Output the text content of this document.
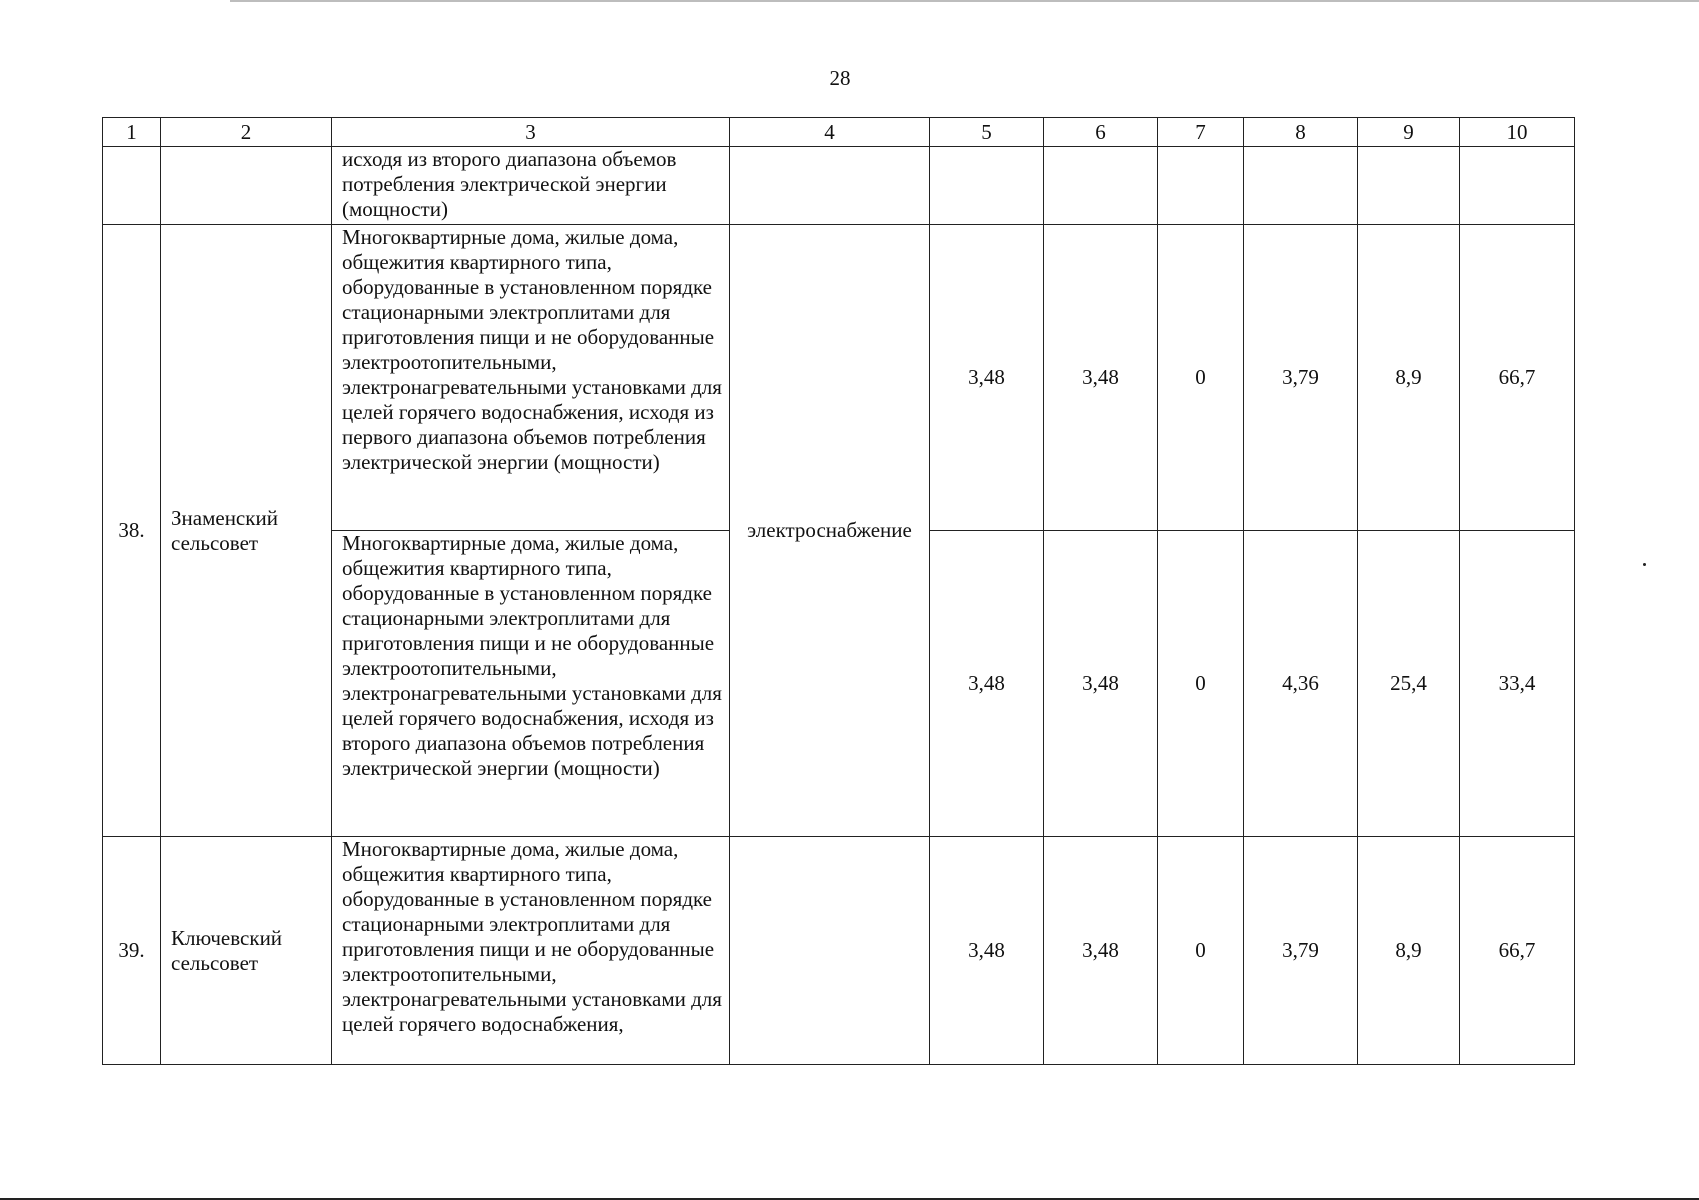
28
1	2	3	4	5	6	7	8	9	10
		исходя из второго диапазона объемов потребления электрической энергии (мощности)							
38.	Знаменский сельсовет	Многоквартирные дома, жилые дома, общежития квартирного типа, оборудованные в установленном порядке стационарными электроплитами для приготовления пищи и не оборудованные электроотопительными, электронагревательными установками для целей горячего водоснабжения, исходя из первого диапазона объемов потребления электрической энергии (мощности)	электроснабжение	3,48	3,48	0	3,79	8,9	66,7
		Многоквартирные дома, жилые дома, общежития квартирного типа, оборудованные в установленном порядке стационарными электроплитами для приготовления пищи и не оборудованные электроотопительными, электронагревательными установками для целей горячего водоснабжения, исходя из второго диапазона объемов потребления электрической энергии (мощности)		3,48	3,48	0	4,36	25,4	33,4
39.	Ключевский сельсовет	Многоквартирные дома, жилые дома, общежития квартирного типа, оборудованные в установленном порядке стационарными электроплитами для приготовления пищи и не оборудованные электроотопительными, электронагревательными установками для целей горячего водоснабжения,		3,48	3,48	0	3,79	8,9	66,7
